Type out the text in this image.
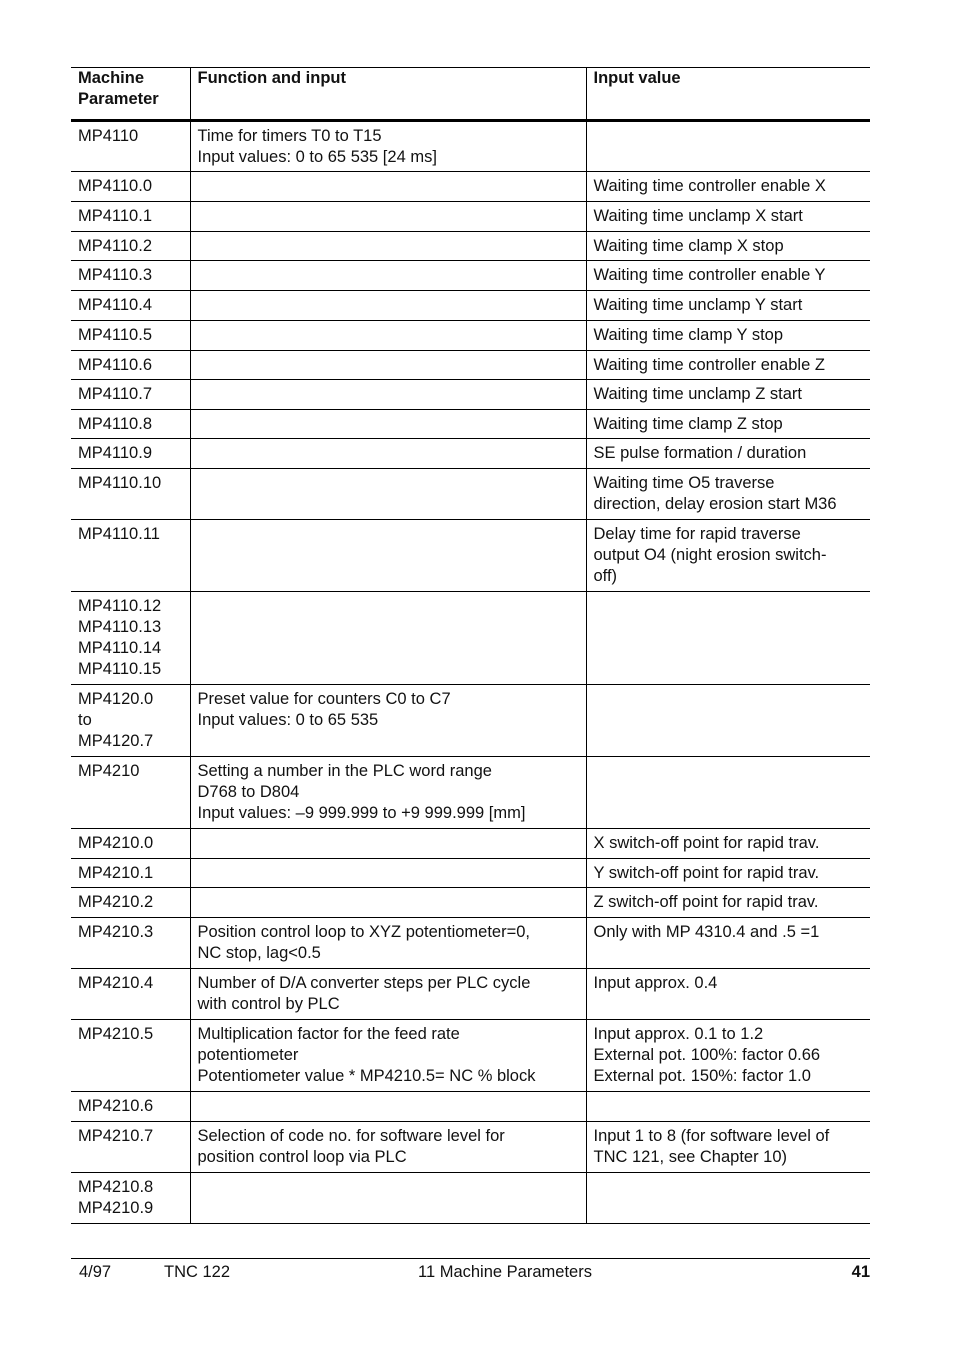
Machine
Parameter	Function and input	Input value

MP4110	Time for timers T0 to T15
Input values: 0 to 65 535 [24 ms]	

MP4110.0		Waiting time controller enable X

MP4110.1		Waiting time unclamp X start

MP4110.2		Waiting time clamp X stop

MP4110.3		Waiting time controller enable Y

MP4110.4		Waiting time unclamp Y start

MP4110.5		Waiting time clamp Y stop

MP4110.6		Waiting time controller enable Z

MP4110.7		Waiting time unclamp Z start

MP4110.8		Waiting time clamp Z stop

MP4110.9		SE pulse formation / duration

MP4110.10		Waiting time O5 traverse
direction, delay erosion start M36

MP4110.11		Delay time for rapid traverse
output O4 (night erosion switch-
off)

MP4110.12
MP4110.13
MP4110.14
MP4110.15		

MP4120.0
to
MP4120.7	Preset value for counters C0 to C7
Input values: 0 to 65 535	

MP4210	Setting a number in the PLC word range
D768 to D804
Input values: –9 999.999 to +9 999.999 [mm]	

MP4210.0		X switch-off point for rapid trav.

MP4210.1		Y switch-off point for rapid trav.

MP4210.2		Z switch-off point for rapid trav.

MP4210.3	Position control loop to XYZ potentiometer=0,
NC stop, lag<0.5	Only with MP 4310.4 and .5 =1

MP4210.4	Number of D/A converter steps per PLC cycle
with control by PLC	Input approx. 0.4

MP4210.5	Multiplication factor for the feed rate
potentiometer
Potentiometer value * MP4210.5= NC % block	Input approx. 0.1 to 1.2
External pot. 100%: factor 0.66
External pot. 150%: factor 1.0

MP4210.6		

MP4210.7	Selection of code no. for software level for
position control loop via PLC	Input 1 to 8 (for software level of
TNC 121, see Chapter 10)

MP4210.8
MP4210.9		

4/97	TNC 122	11 Machine Parameters	41
